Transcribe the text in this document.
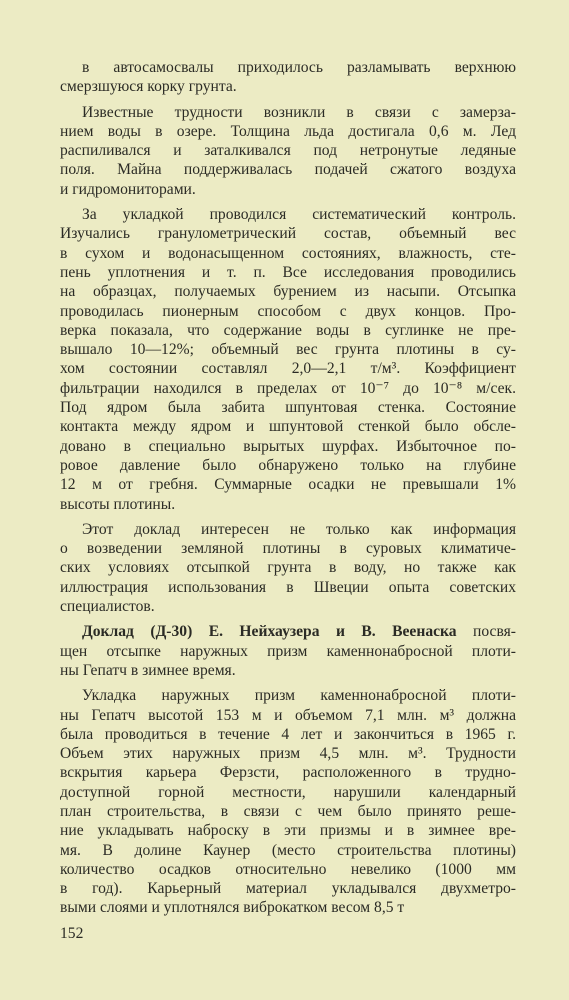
в автосамосвалы приходилось разламывать верхнюю
смерзшуюся корку грунта.
Известные трудности возникли в связи с замерза-
нием воды в озере. Толщина льда достигала 0,6 м. Лед
распиливался и заталкивался под нетронутые ледяные
поля. Майна поддерживалась подачей сжатого воздуха
и гидромониторами.
За укладкой проводился систематический контроль.
Изучались гранулометрический состав, объемный вес
в сухом и водонасыщенном состояниях, влажность, сте-
пень уплотнения и т. п. Все исследования проводились
на образцах, получаемых бурением из насыпи. Отсыпка
проводилась пионерным способом с двух концов. Про-
верка показала, что содержание воды в суглинке не пре-
вышало 10—12%; объемный вес грунта плотины в су-
хом состоянии составлял 2,0—2,1 т/м³. Коэффициент
фильтрации находился в пределах от 10⁻⁷ до 10⁻⁸ м/сек.
Под ядром была забита шпунтовая стенка. Состояние
контакта между ядром и шпунтовой стенкой было обсле-
довано в специально вырытых шурфах. Избыточное по-
ровое давление было обнаружено только на глубине
12 м от гребня. Суммарные осадки не превышали 1%
высоты плотины.
Этот доклад интересен не только как информация
о возведении земляной плотины в суровых климатиче-
ских условиях отсыпкой грунта в воду, но также как
иллюстрация использования в Швеции опыта советских
специалистов.
Доклад (Д-30) Е. Нейхаузера и В. Веенаска посвя-
щен отсыпке наружных призм каменнонабросной плоти-
ны Гепатч в зимнее время.
Укладка наружных призм каменнонабросной плоти-
ны Гепатч высотой 153 м и объемом 7,1 млн. м³ должна
была проводиться в течение 4 лет и закончиться в 1965 г.
Объем этих наружных призм 4,5 млн. м³. Трудности
вскрытия карьера Ферзсти, расположенного в трудно-
доступной горной местности, нарушили календарный
план строительства, в связи с чем было принято реше-
ние укладывать наброску в эти призмы и в зимнее вре-
мя. В долине Каунер (место строительства плотины)
количество осадков относительно невелико (1000 мм
в год). Карьерный материал укладывался двухметро-
выми слоями и уплотнялся виброкатком весом 8,5 т
152
